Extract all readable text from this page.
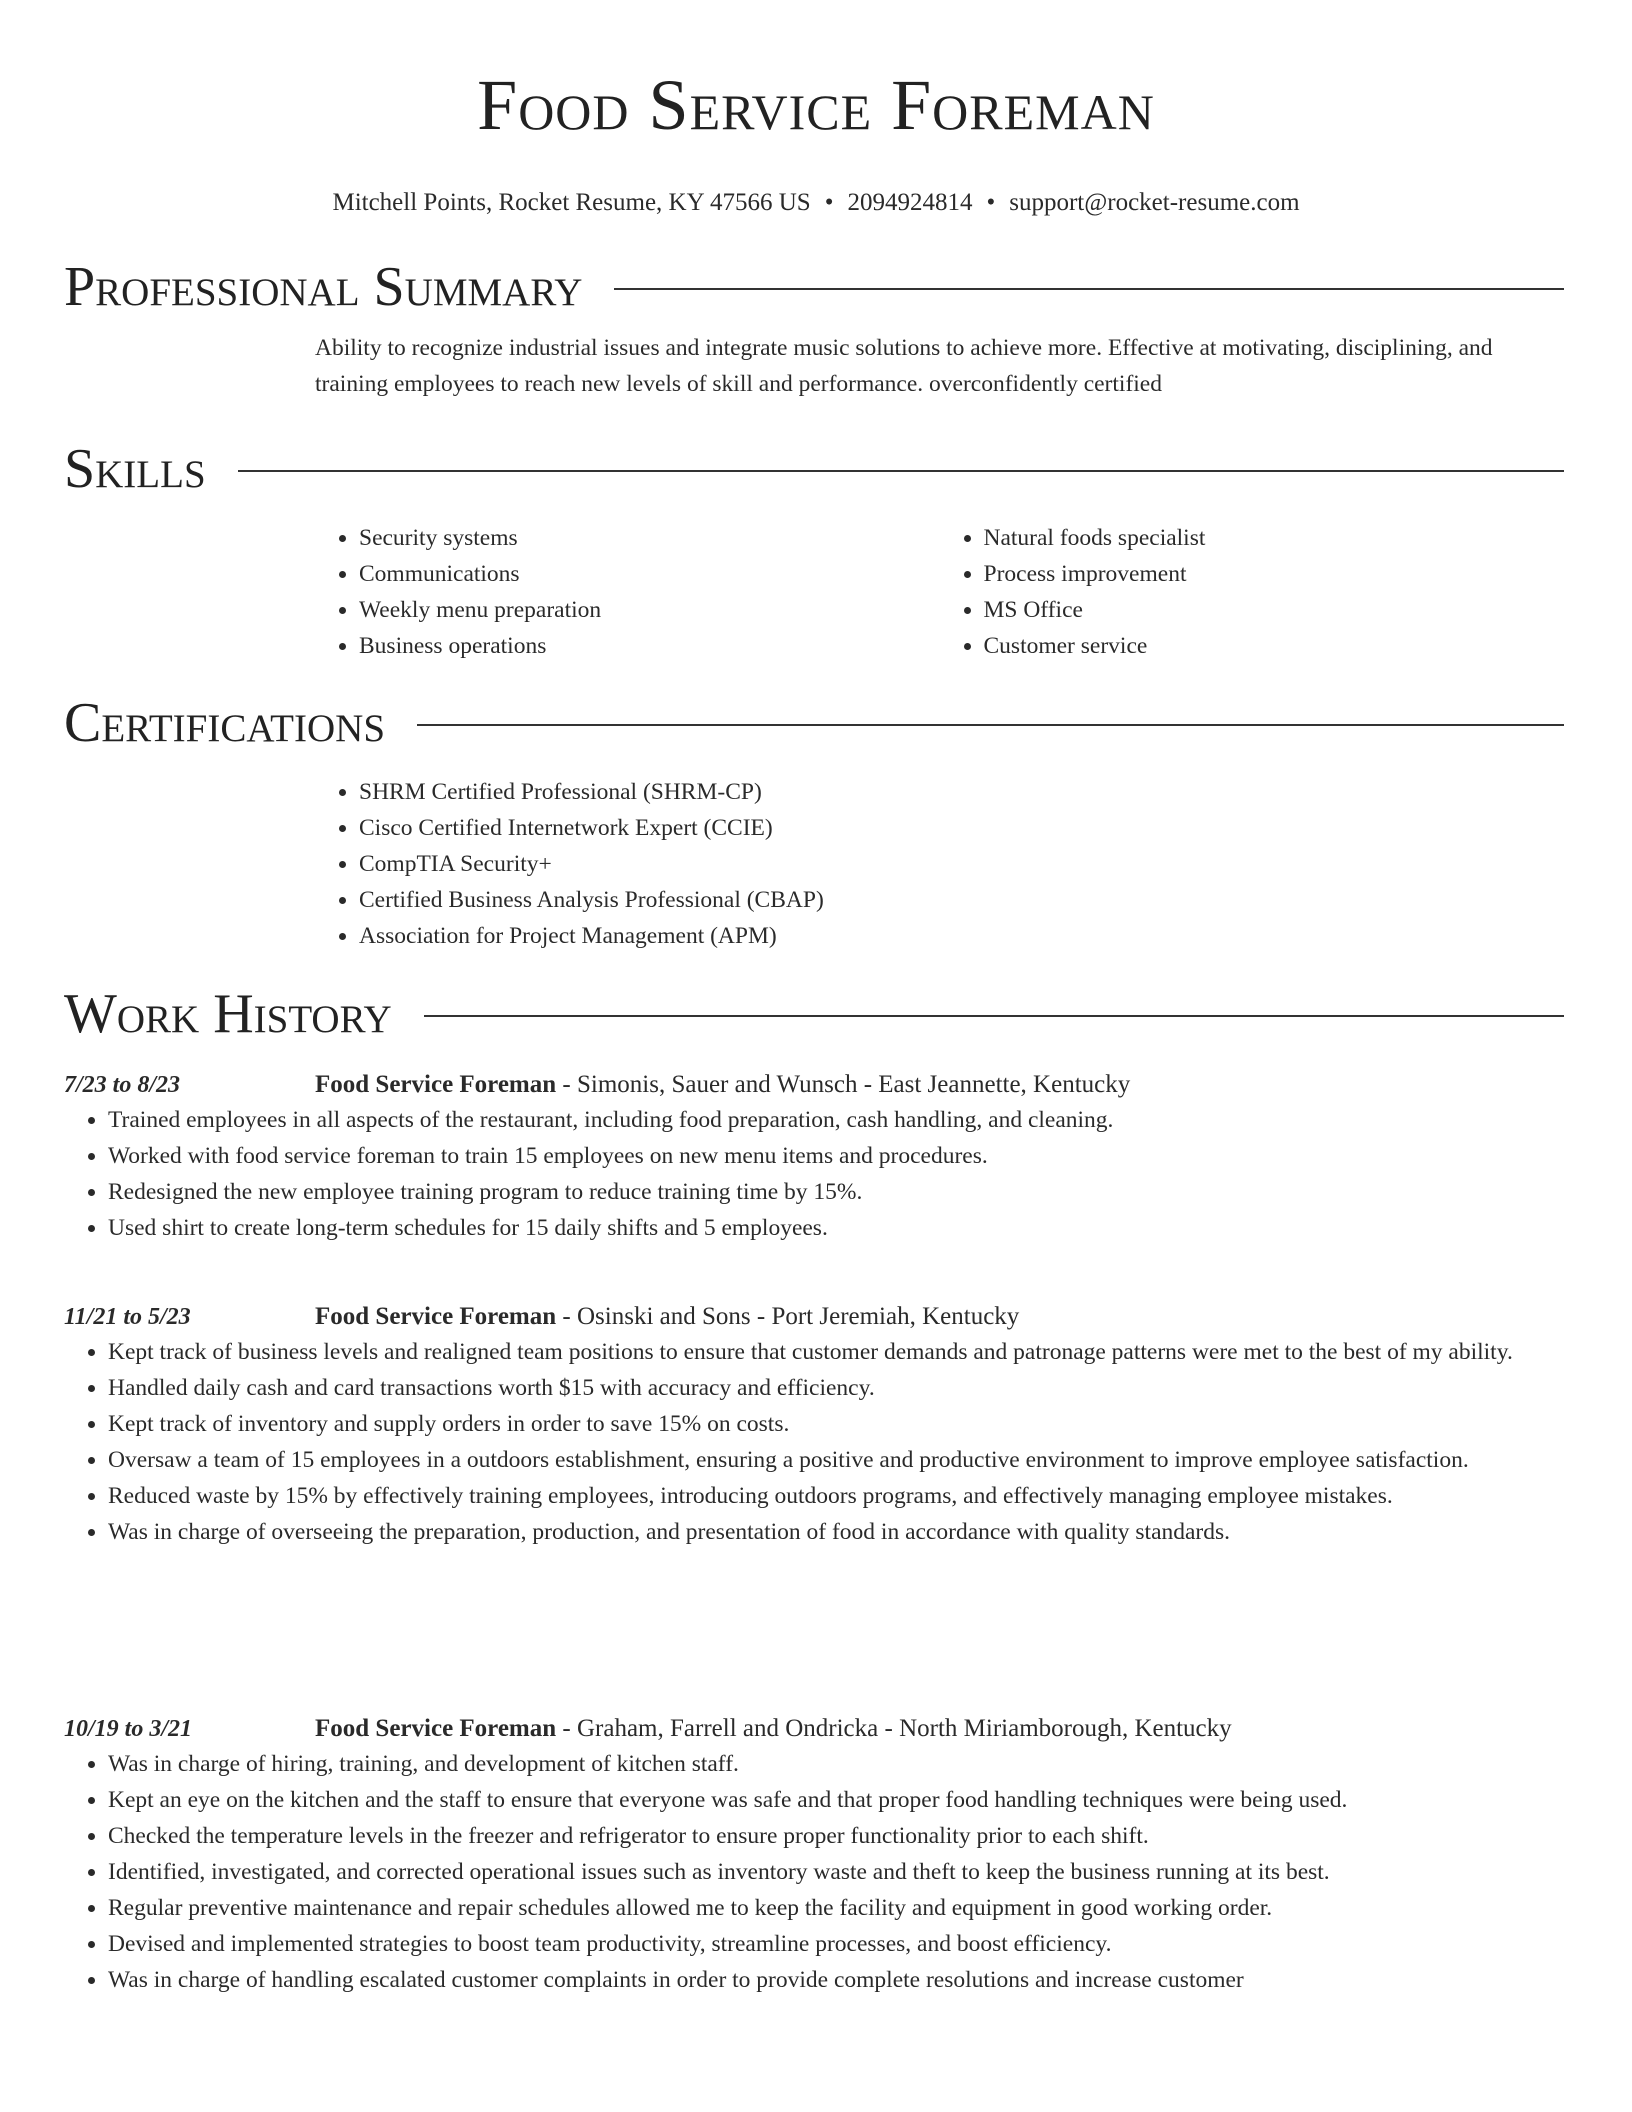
Food Service Foreman
Mitchell Points, Rocket Resume, KY 47566 US • 2094924814 • support@rocket-resume.com
Professional Summary
Ability to recognize industrial issues and integrate music solutions to achieve more. Effective at motivating, disciplining, and training employees to reach new levels of skill and performance. overconfidently certified
Skills
• Security systems
• Communications
• Weekly menu preparation
• Business operations
• Natural foods specialist
• Process improvement
• MS Office
• Customer service
Certifications
• SHRM Certified Professional (SHRM-CP)
• Cisco Certified Internetwork Expert (CCIE)
• CompTIA Security+
• Certified Business Analysis Professional (CBAP)
• Association for Project Management (APM)
Work History
7/23 to 8/23	Food Service Foreman - Simonis, Sauer and Wunsch - East Jeannette, Kentucky
• Trained employees in all aspects of the restaurant, including food preparation, cash handling, and cleaning.
• Worked with food service foreman to train 15 employees on new menu items and procedures.
• Redesigned the new employee training program to reduce training time by 15%.
• Used shirt to create long-term schedules for 15 daily shifts and 5 employees.
11/21 to 5/23	Food Service Foreman - Osinski and Sons - Port Jeremiah, Kentucky
• Kept track of business levels and realigned team positions to ensure that customer demands and patronage patterns were met to the best of my ability.
• Handled daily cash and card transactions worth $15 with accuracy and efficiency.
• Kept track of inventory and supply orders in order to save 15% on costs.
• Oversaw a team of 15 employees in a outdoors establishment, ensuring a positive and productive environment to improve employee satisfaction.
• Reduced waste by 15% by effectively training employees, introducing outdoors programs, and effectively managing employee mistakes.
• Was in charge of overseeing the preparation, production, and presentation of food in accordance with quality standards.
10/19 to 3/21	Food Service Foreman - Graham, Farrell and Ondricka - North Miriamborough, Kentucky
• Was in charge of hiring, training, and development of kitchen staff.
• Kept an eye on the kitchen and the staff to ensure that everyone was safe and that proper food handling techniques were being used.
• Checked the temperature levels in the freezer and refrigerator to ensure proper functionality prior to each shift.
• Identified, investigated, and corrected operational issues such as inventory waste and theft to keep the business running at its best.
• Regular preventive maintenance and repair schedules allowed me to keep the facility and equipment in good working order.
• Devised and implemented strategies to boost team productivity, streamline processes, and boost efficiency.
• Was in charge of handling escalated customer complaints in order to provide complete resolutions and increase customer
